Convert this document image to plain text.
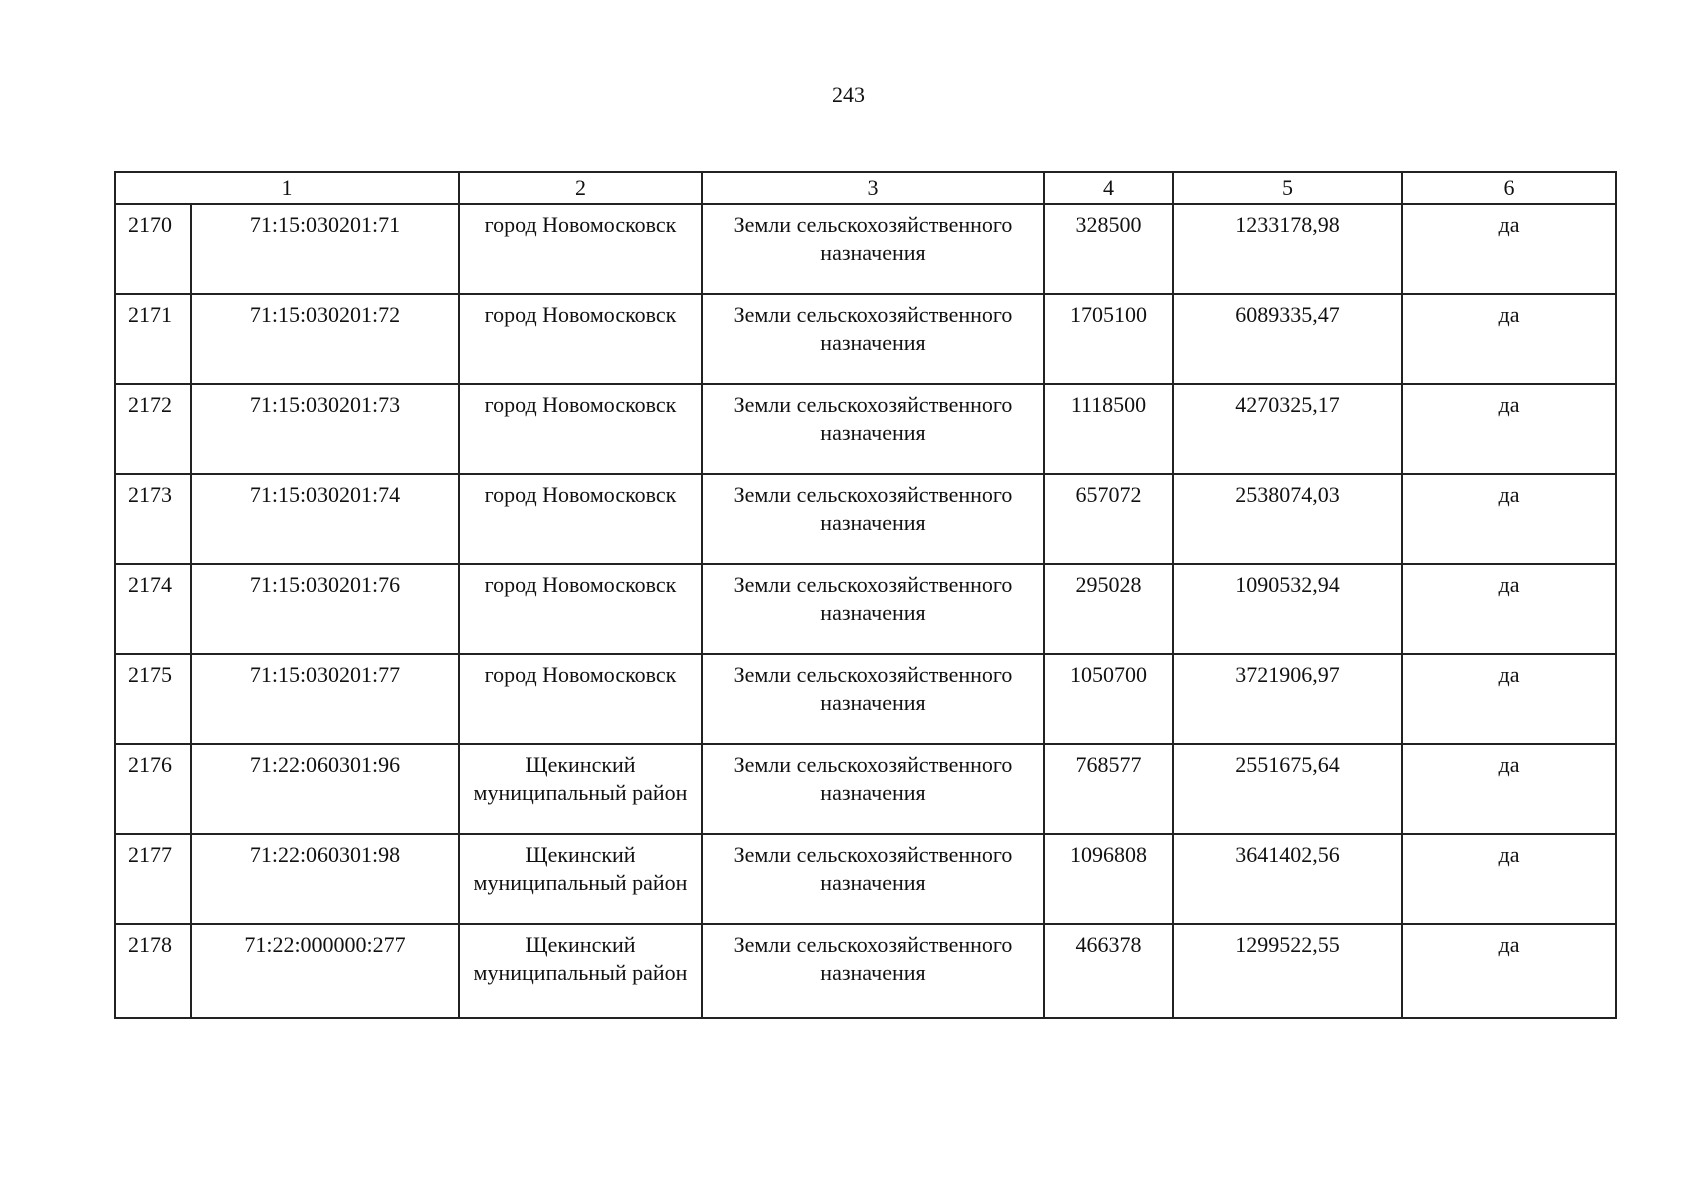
243
1		2	3	4	5	6
2170	71:15:030201:71	город Новомосковск	Земли сельскохозяйственного назначения	328500	1233178,98	да
2171	71:15:030201:72	город Новомосковск	Земли сельскохозяйственного назначения	1705100	6089335,47	да
2172	71:15:030201:73	город Новомосковск	Земли сельскохозяйственного назначения	1118500	4270325,17	да
2173	71:15:030201:74	город Новомосковск	Земли сельскохозяйственного назначения	657072	2538074,03	да
2174	71:15:030201:76	город Новомосковск	Земли сельскохозяйственного назначения	295028	1090532,94	да
2175	71:15:030201:77	город Новомосковск	Земли сельскохозяйственного назначения	1050700	3721906,97	да
2176	71:22:060301:96	Щекинский муниципальный район	Земли сельскохозяйственного назначения	768577	2551675,64	да
2177	71:22:060301:98	Щекинский муниципальный район	Земли сельскохозяйственного назначения	1096808	3641402,56	да
2178	71:22:000000:277	Щекинский муниципальный район	Земли сельскохозяйственного назначения	466378	1299522,55	да
